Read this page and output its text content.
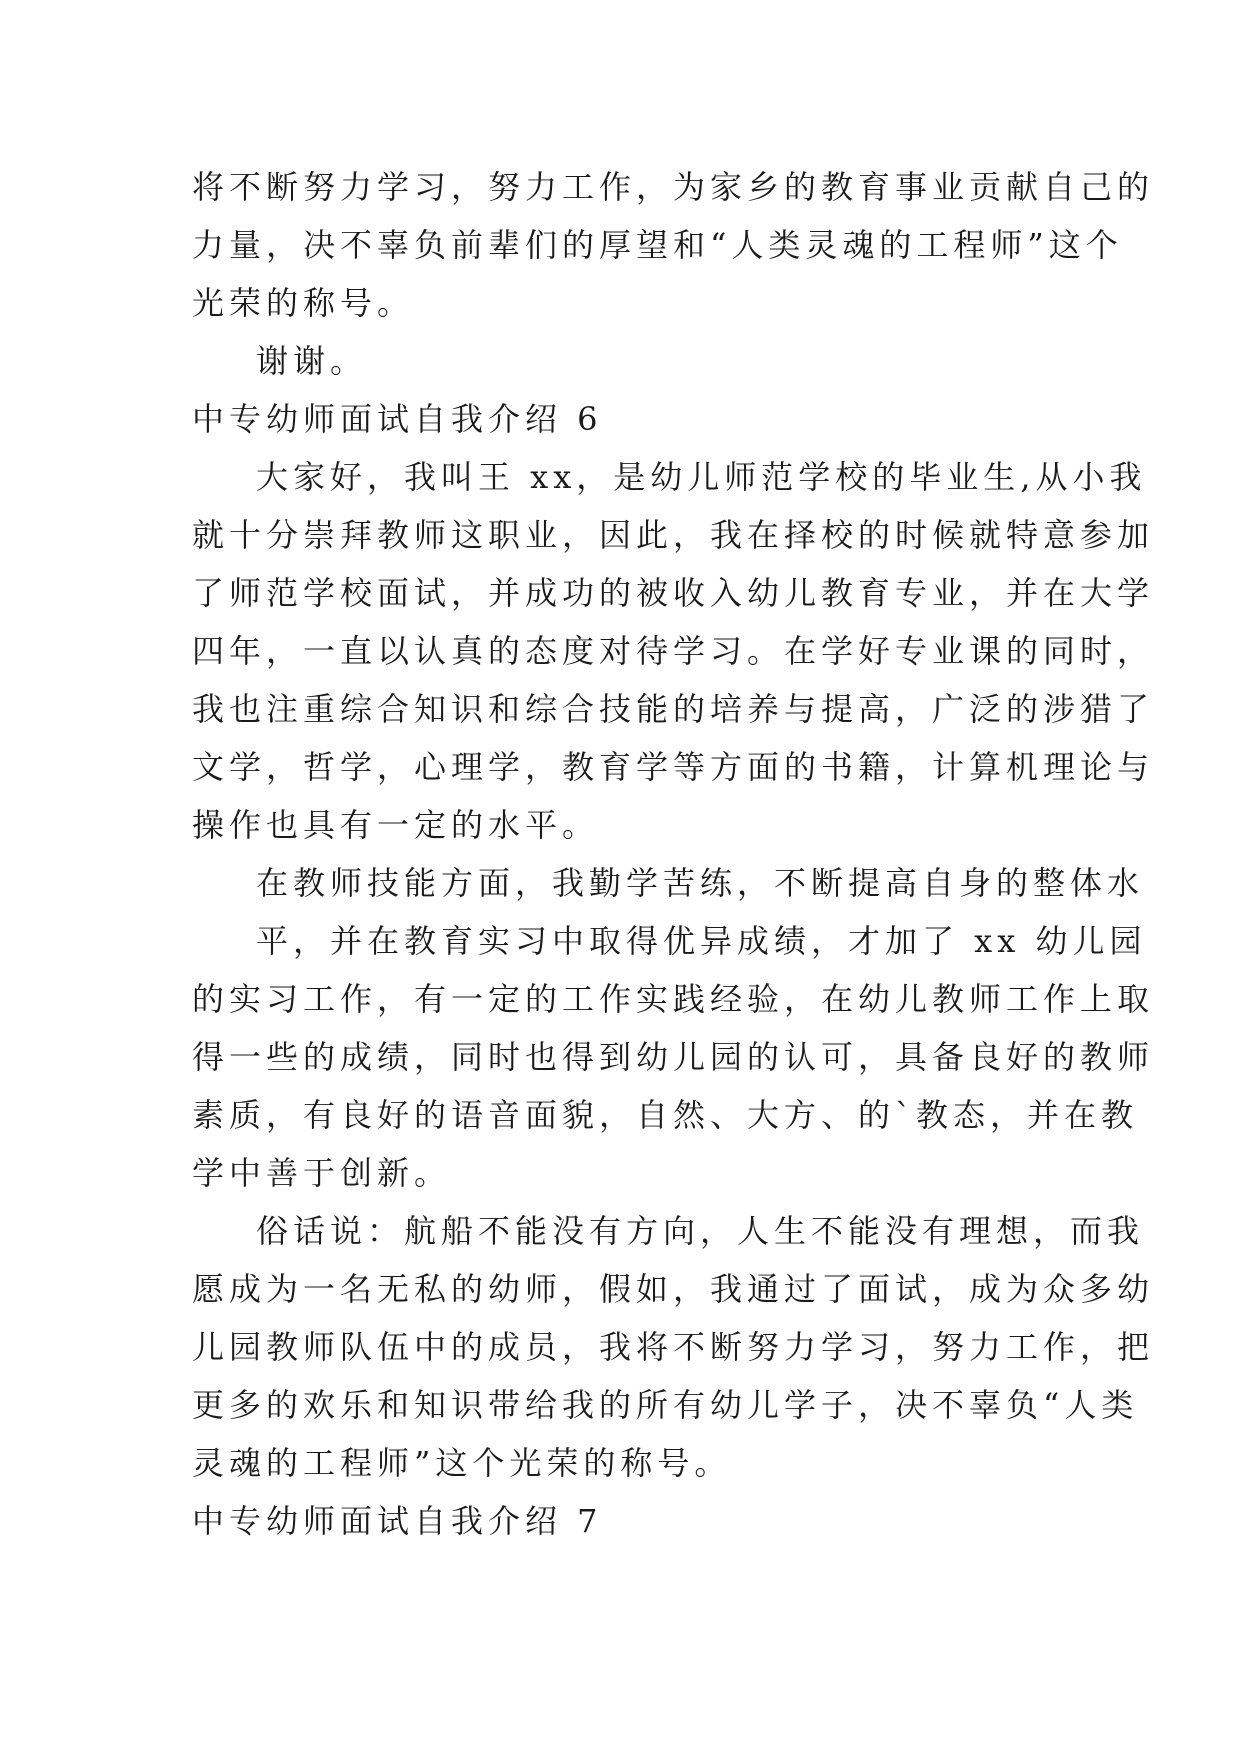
将不断努力学习，努力工作，为家乡的教育事业贡献自己的
力量，决不辜负前辈们的厚望和“人类灵魂的工程师”这个
光荣的称号。
谢谢。
中专幼师面试自我介绍 6
大家好，我叫王 xx，是幼儿师范学校的毕业生,从小我
就十分崇拜教师这职业，因此，我在择校的时候就特意参加
了师范学校面试，并成功的被收入幼儿教育专业，并在大学
四年，一直以认真的态度对待学习。在学好专业课的同时，
我也注重综合知识和综合技能的培养与提高，广泛的涉猎了
文学，哲学，心理学，教育学等方面的书籍，计算机理论与
操作也具有一定的水平。
在教师技能方面，我勤学苦练，不断提高自身的整体水
平，并在教育实习中取得优异成绩，才加了 xx 幼儿园
的实习工作，有一定的工作实践经验，在幼儿教师工作上取
得一些的成绩，同时也得到幼儿园的认可，具备良好的教师
素质，有良好的语音面貌，自然、大方、的`教态，并在教
学中善于创新。
俗话说：航船不能没有方向，人生不能没有理想，而我
愿成为一名无私的幼师，假如，我通过了面试，成为众多幼
儿园教师队伍中的成员，我将不断努力学习，努力工作，把
更多的欢乐和知识带给我的所有幼儿学子，决不辜负“人类
灵魂的工程师”这个光荣的称号。
中专幼师面试自我介绍 7
